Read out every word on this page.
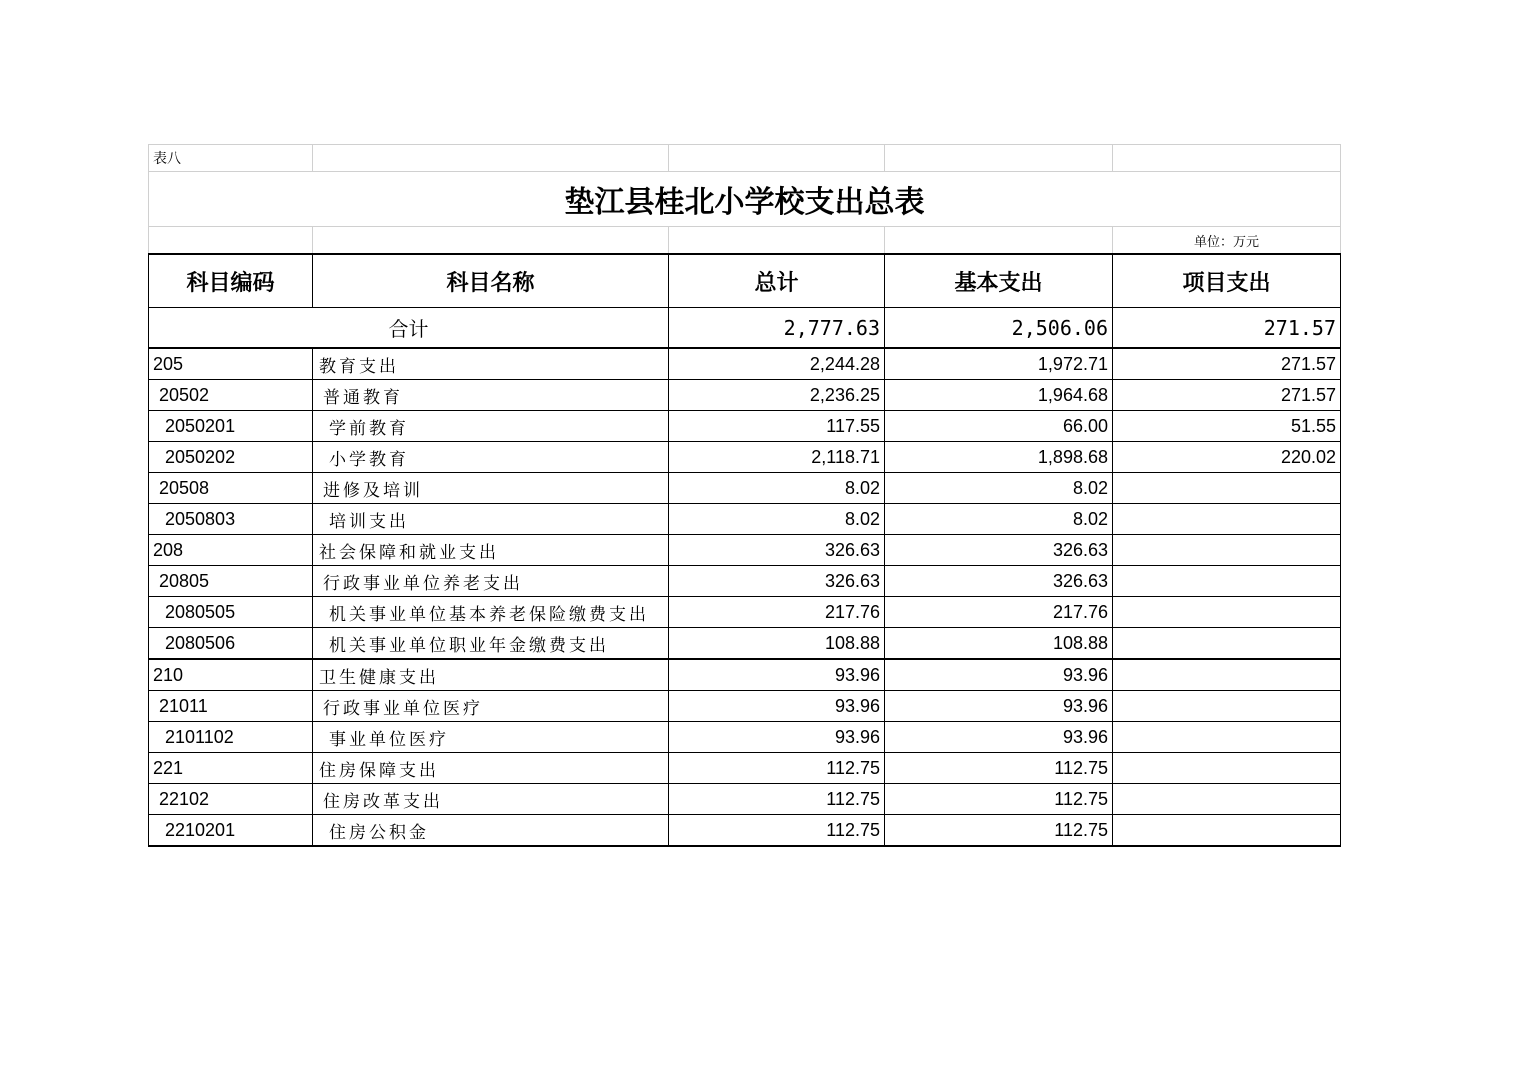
表八				
垫江县桂北小学校支出总表				
				单位：万元
科目编码	科目名称	总计	基本支出	项目支出
合计		2,777.63	2,506.06	271.57
205	教育支出	2,244.28	1,972.71	271.57
20502	普通教育	2,236.25	1,964.68	271.57
2050201	学前教育	117.55	66.00	51.55
2050202	小学教育	2,118.71	1,898.68	220.02
20508	进修及培训	8.02	8.02	
2050803	培训支出	8.02	8.02	
208	社会保障和就业支出	326.63	326.63	
20805	行政事业单位养老支出	326.63	326.63	
2080505	机关事业单位基本养老保险缴费支出	217.76	217.76	
2080506	机关事业单位职业年金缴费支出	108.88	108.88	
210	卫生健康支出	93.96	93.96	
21011	行政事业单位医疗	93.96	93.96	
2101102	事业单位医疗	93.96	93.96	
221	住房保障支出	112.75	112.75	
22102	住房改革支出	112.75	112.75	
2210201	住房公积金	112.75	112.75	
